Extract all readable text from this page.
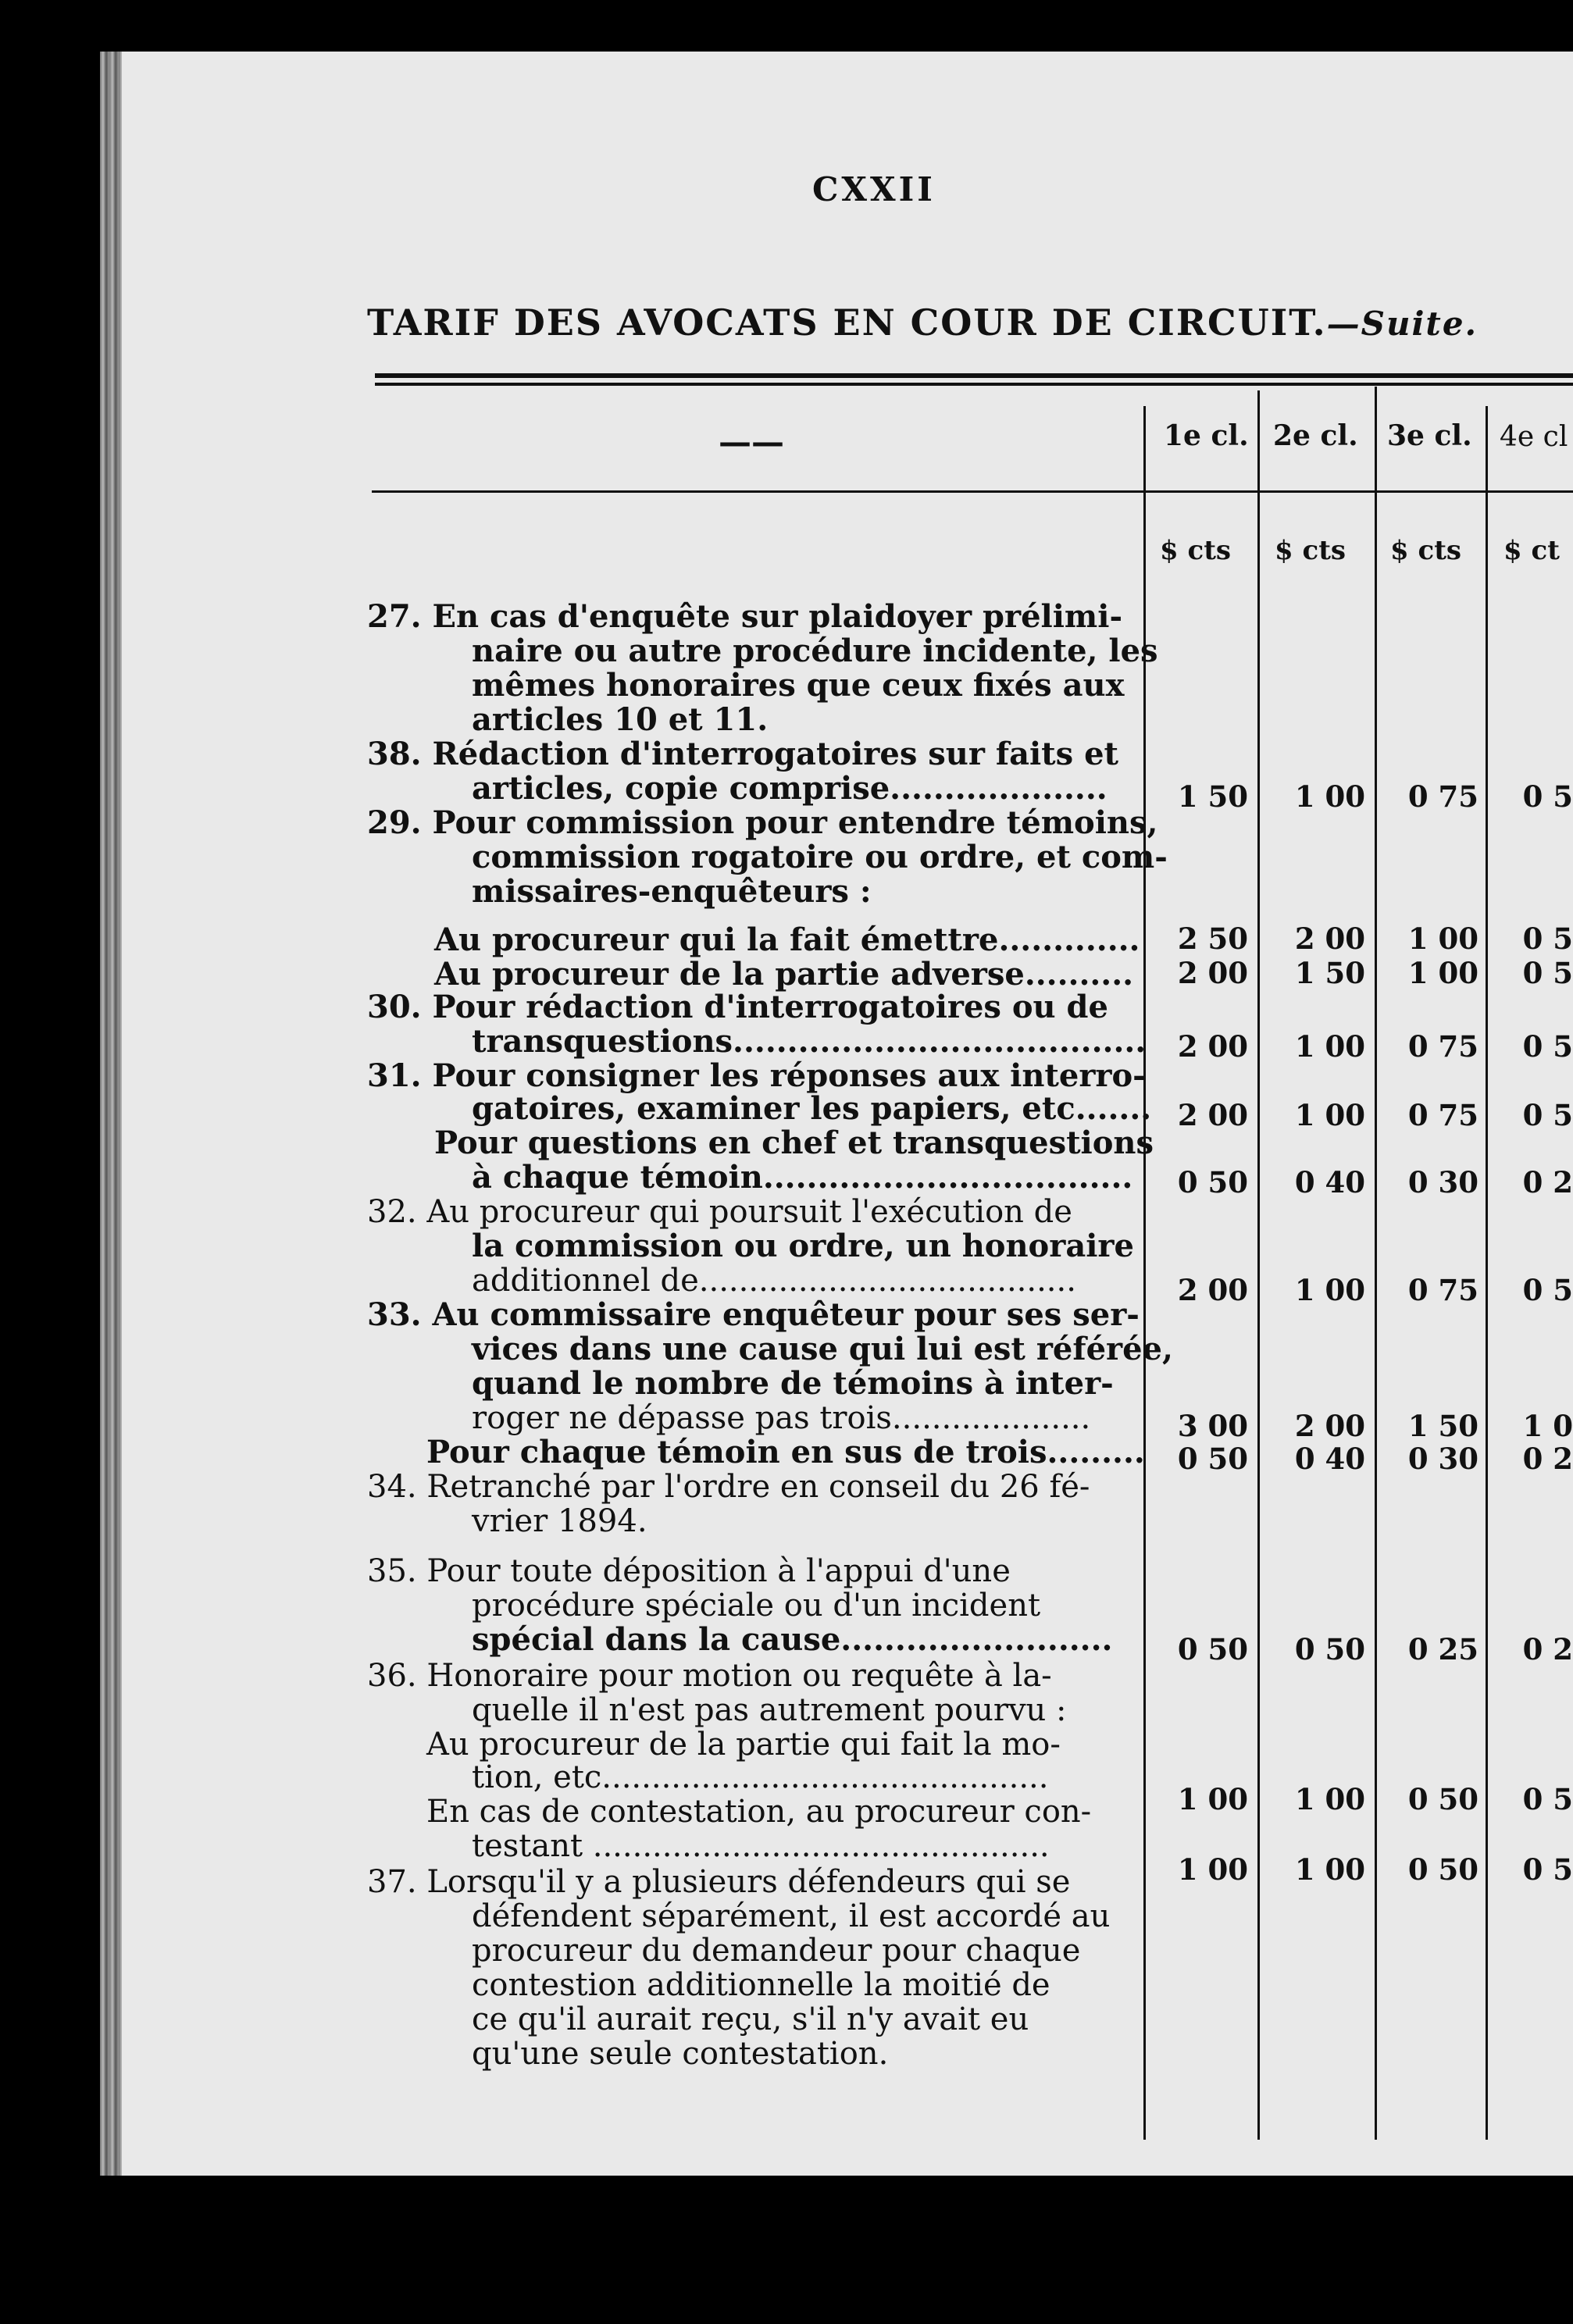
CXXII
TARIF DES AVOCATS EN COUR DE CIRCUIT.—Suite.
——	1e cl. 2e cl. 3e cl. 4e cl
$ cts $ cts $ cts $ ct
27. En cas d'enquête sur plaidoyer prélimi-
naire ou autre procédure incidente, les
mêmes honoraires que ceux fixés aux
articles 10 et 11.
38. Rédaction d'interrogatoires sur faits et
articles, copie comprise....................
29. Pour commission pour entendre témoins,
commission rogatoire ou ordre, et com-
missaires-enquêteurs :
Au procureur qui la fait émettre.............
Au procureur de la partie adverse..........
30. Pour rédaction d'interrogatoires ou de
transquestions......................................
31. Pour consigner les réponses aux interro-
gatoires, examiner les papiers, etc.......
Pour questions en chef et transquestions
à chaque témoin..................................
32. Au procureur qui poursuit l'exécution de
la commission ou ordre, un honoraire
additionnel de......................................
33. Au commissaire enquêteur pour ses ser-
vices dans une cause qui lui est référée,
quand le nombre de témoins à inter-
roger ne dépasse pas trois....................
Pour chaque témoin en sus de trois.........
34. Retranché par l'ordre en conseil du 26 fé-
vrier 1894.
35. Pour toute déposition à l'appui d'une
procédure spéciale ou d'un incident
spécial dans la cause.........................
36. Honoraire pour motion ou requête à la-
quelle il n'est pas autrement pourvu :
Au procureur de la partie qui fait la mo-
tion, etc.............................................
En cas de contestation, au procureur con-
testant ..............................................
37. Lorsqu'il y a plusieurs défendeurs qui se
défendent séparément, il est accordé au
procureur du demandeur pour chaque
contestion additionnelle la moitié de
ce qu'il aurait reçu, s'il n'y avait eu
qu'une seule contestation.
1 50 1 00 0 75 0 5
2 50 2 00 1 00 0 5
2 00 1 50 1 00 0 5
2 00 1 00 0 75 0 5
2 00 1 00 0 75 0 5
0 50 0 40 0 30 0 2
2 00 1 00 0 75 0 5
3 00 2 00 1 50 1 0
0 50 0 40 0 30 0 2
0 50 0 50 0 25 0 2
1 00 1 00 0 50 0 5
1 00 1 00 0 50 0 5
